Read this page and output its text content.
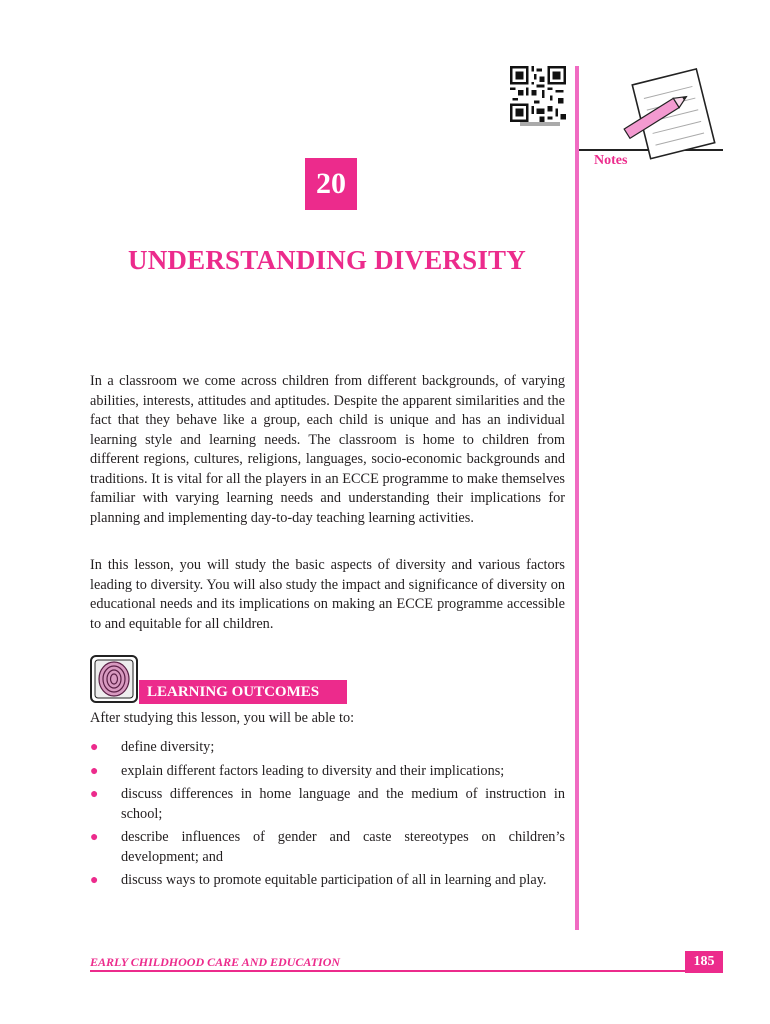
Notes
20
UNDERSTANDING DIVERSITY

In a classroom we come across children from different backgrounds, of varying abilities, interests, attitudes and aptitudes. Despite the apparent similarities and the fact that they behave like a group, each child is unique and has an individual learning style and learning needs. The classroom is home to children from different regions, cultures, religions, languages, socio-economic backgrounds and traditions. It is vital for all the players in an ECCE programme to make themselves familiar with varying learning needs and understanding their implications for planning and implementing day-to-day teaching learning activities.

In this lesson, you will study the basic aspects of diversity and various factors leading to diversity. You will also study the impact and significance of diversity on educational needs and its implications on making an ECCE programme accessible to and equitable for all children.

LEARNING OUTCOMES

After studying this lesson, you will be able to:

● define diversity;
● explain different factors leading to diversity and their implications;
● discuss differences in home language and the medium of instruction in school;
● describe influences of gender and caste stereotypes on children’s development; and
● discuss ways to promote equitable participation of all in learning and play.
EARLY CHILDHOOD CARE AND EDUCATION	185
